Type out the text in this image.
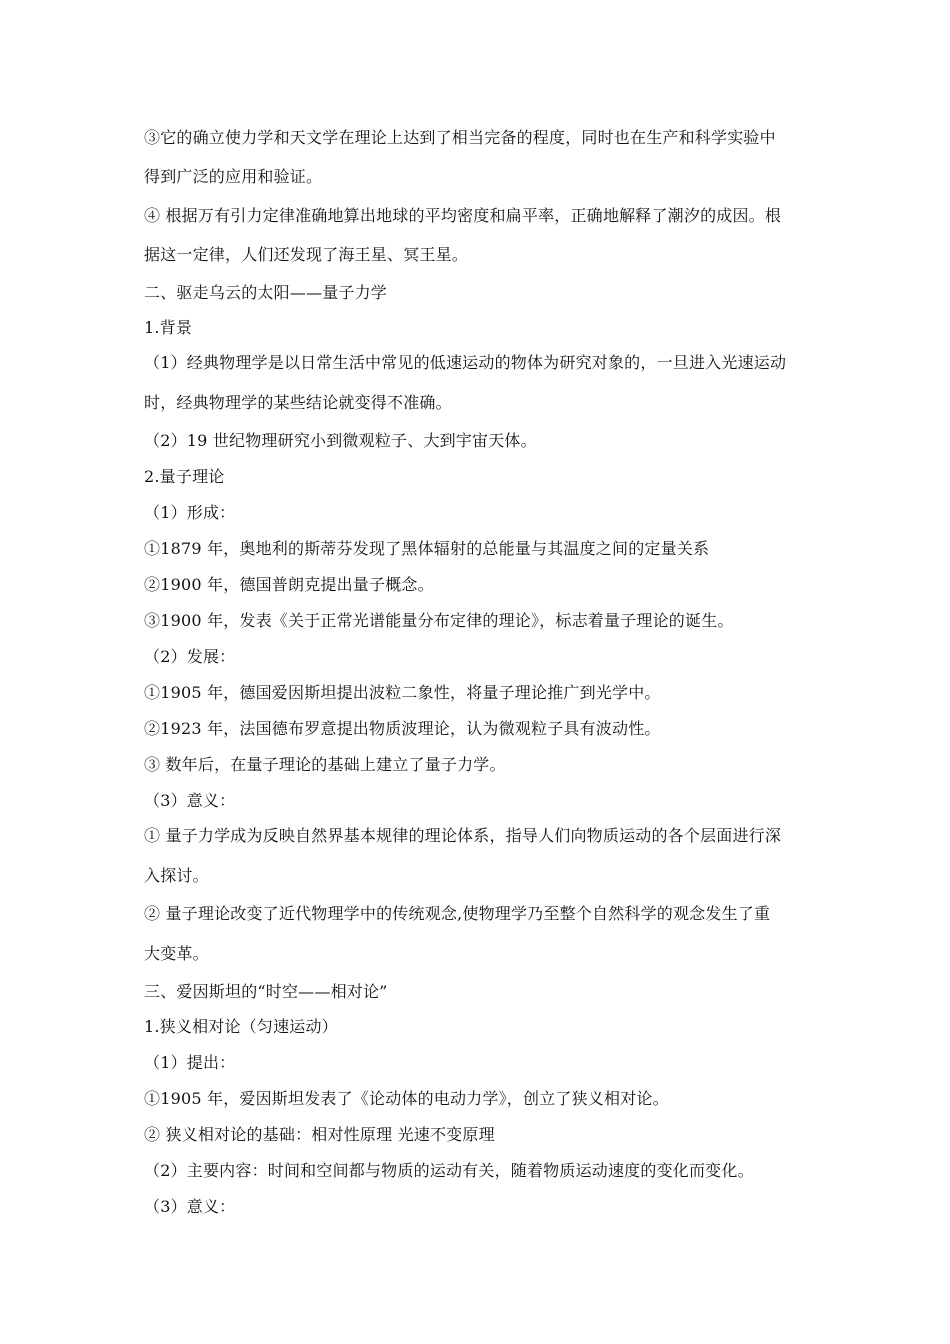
③它的确立使力学和天文学在理论上达到了相当完备的程度，同时也在生产和科学实验中
得到广泛的应用和验证。
④ 根据万有引力定律准确地算出地球的平均密度和扁平率，正确地解释了潮汐的成因。根
据这一定律，人们还发现了海王星、冥王星。
二、驱走乌云的太阳——量子力学
1.背景
（1）经典物理学是以日常生活中常见的低速运动的物体为研究对象的，一旦进入光速运动
时，经典物理学的某些结论就变得不准确。
（2）19 世纪物理研究小到微观粒子、大到宇宙天体。
2.量子理论
（1）形成：
①1879 年，奥地利的斯蒂芬发现了黑体辐射的总能量与其温度之间的定量关系
②1900 年，德国普朗克提出量子概念。
③1900 年，发表《关于正常光谱能量分布定律的理论》，标志着量子理论的诞生。
（2）发展：
①1905 年，德国爱因斯坦提出波粒二象性，将量子理论推广到光学中。
②1923 年，法国德布罗意提出物质波理论，认为微观粒子具有波动性。
③ 数年后，在量子理论的基础上建立了量子力学。
（3）意义：
① 量子力学成为反映自然界基本规律的理论体系，指导人们向物质运动的各个层面进行深
入探讨。
② 量子理论改变了近代物理学中的传统观念,使物理学乃至整个自然科学的观念发生了重
大变革。
三、爱因斯坦的“时空——相对论”
1.狭义相对论（匀速运动）
（1）提出：
①1905 年，爱因斯坦发表了《论动体的电动力学》，创立了狭义相对论。
② 狭义相对论的基础：相对性原理 光速不变原理
（2）主要内容：时间和空间都与物质的运动有关，随着物质运动速度的变化而变化。
（3）意义：
